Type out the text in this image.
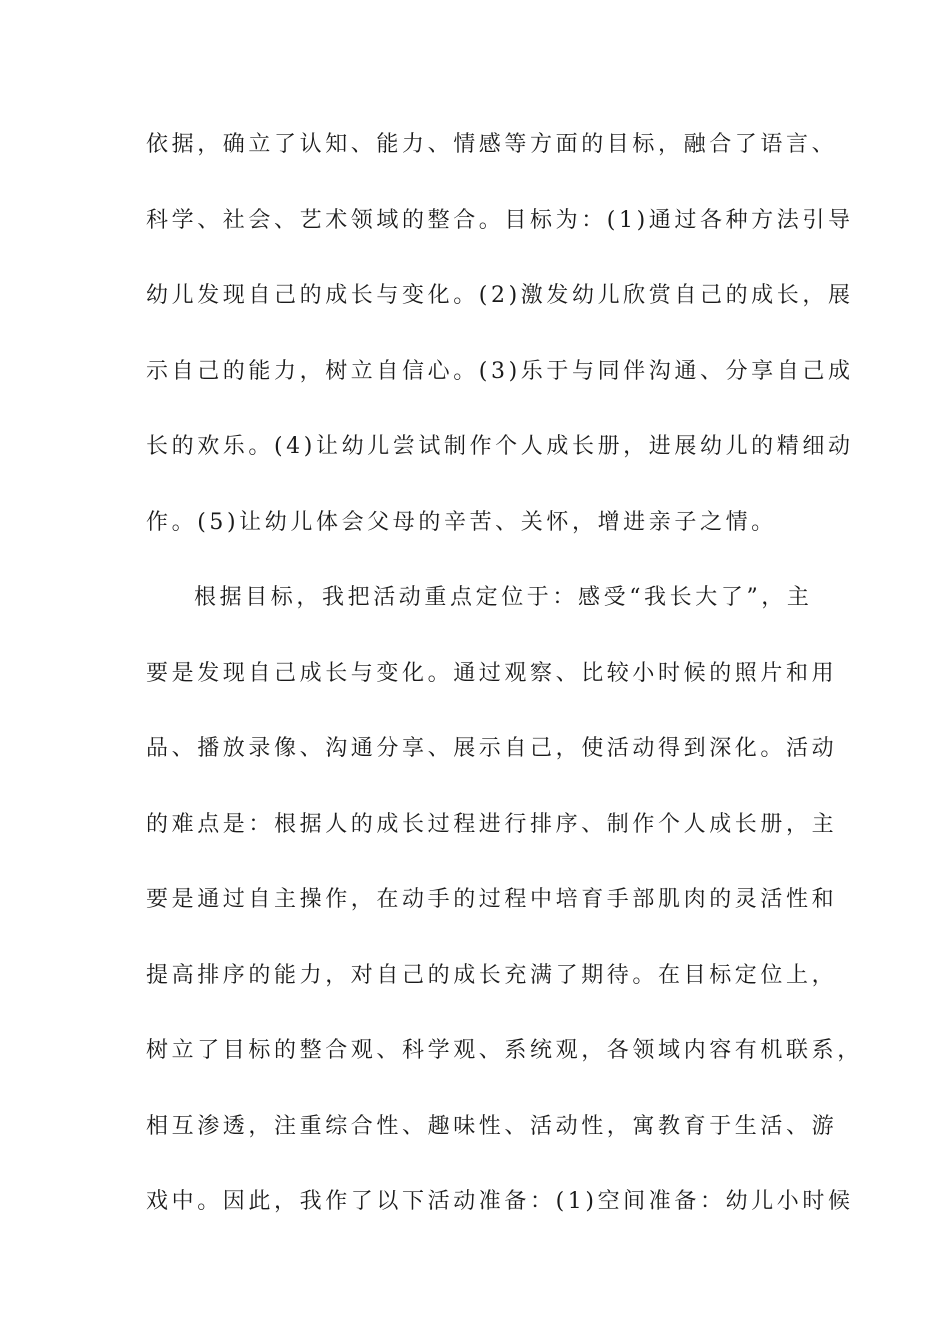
依据，确立了认知、能力、情感等方面的目标，融合了语言、
科学、社会、艺术领域的整合。目标为：(1)通过各种方法引导
幼儿发现自己的成长与变化。(2)激发幼儿欣赏自己的成长，展
示自己的能力，树立自信心。(3)乐于与同伴沟通、分享自己成
长的欢乐。(4)让幼儿尝试制作个人成长册，进展幼儿的精细动
作。(5)让幼儿体会父母的辛苦、关怀，增进亲子之情。
根据目标，我把活动重点定位于：感受“我长大了”，主
要是发现自己成长与变化。通过观察、比较小时候的照片和用
品、播放录像、沟通分享、展示自己，使活动得到深化。活动
的难点是：根据人的成长过程进行排序、制作个人成长册，主
要是通过自主操作，在动手的过程中培育手部肌肉的灵活性和
提高排序的能力，对自己的成长充满了期待。在目标定位上，
树立了目标的整合观、科学观、系统观，各领域内容有机联系，
相互渗透，注重综合性、趣味性、活动性，寓教育于生活、游
戏中。因此，我作了以下活动准备：(1)空间准备：幼儿小时候
